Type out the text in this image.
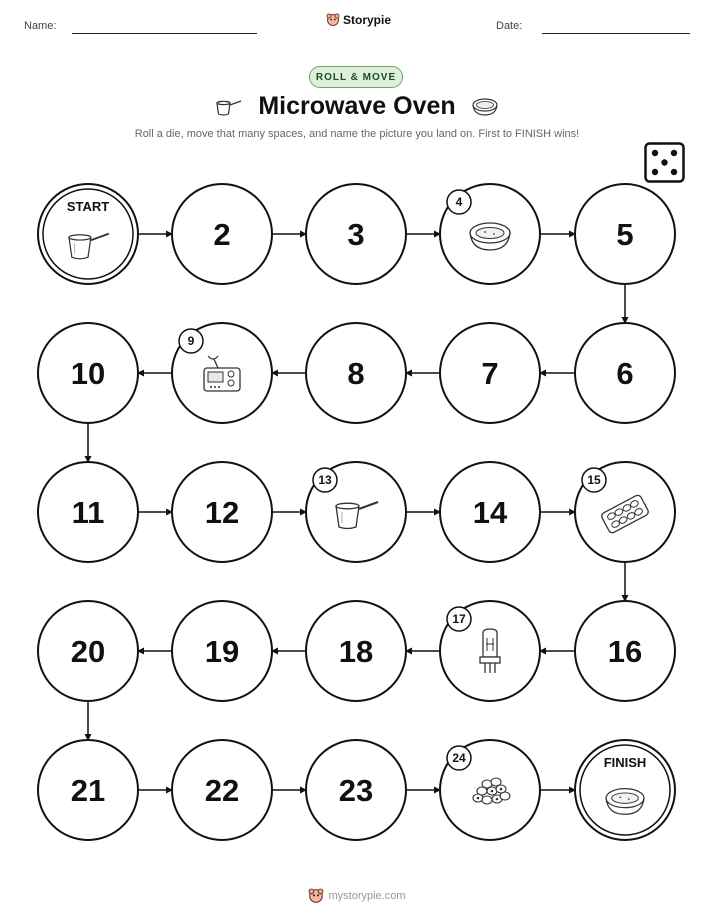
Name:	Storypie	Date:
ROLL & MOVE
Microwave Oven
Roll a die, move that many spaces, and name the picture you land on. First to FINISH wins!
START
2	3
4
5
6
7
8
9
10
11	12
13
14
15
16
17
18
19
20
21	22	23
24	FINISH
mystorypie.com
